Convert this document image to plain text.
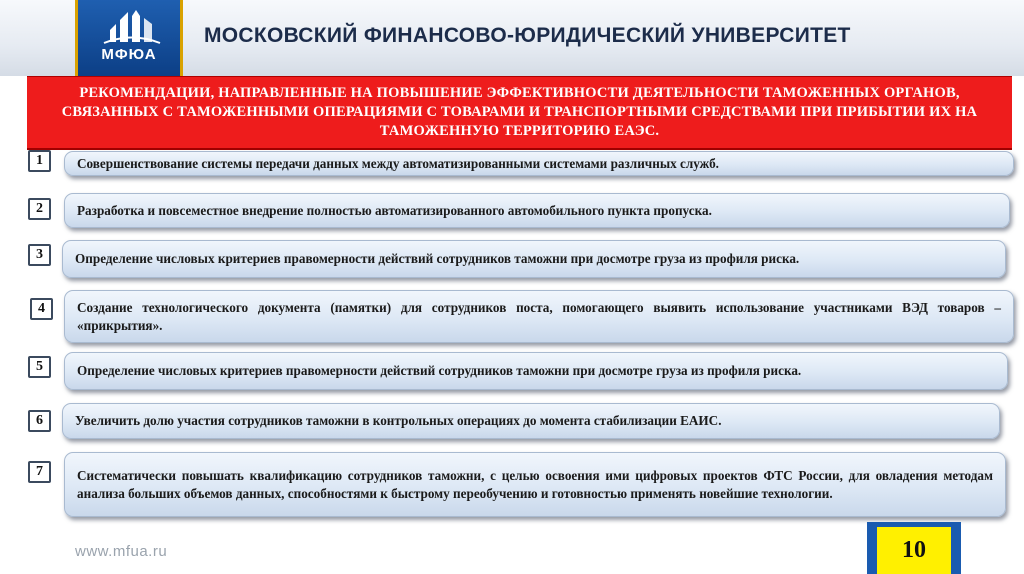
МФЮА
МОСКОВСКИЙ ФИНАНСОВО-ЮРИДИЧЕСКИЙ УНИВЕРСИТЕТ
РЕКОМЕНДАЦИИ, НАПРАВЛЕННЫЕ НА ПОВЫШЕНИЕ ЭФФЕКТИВНОСТИ ДЕЯТЕЛЬНОСТИ ТАМОЖЕННЫХ ОРГАНОВ, СВЯЗАННЫХ С ТАМОЖЕННЫМИ ОПЕРАЦИЯМИ С ТОВАРАМИ И ТРАНСПОРТНЫМИ СРЕДСТВАМИ ПРИ ПРИБЫТИИ ИХ НА ТАМОЖЕННУЮ ТЕРРИТОРИЮ ЕАЭС.
1	Совершенствование системы передачи данных между автоматизированными системами различных служб.
2	Разработка и повсеместное внедрение полностью автоматизированного автомобильного пункта пропуска.
3	Определение числовых критериев правомерности действий сотрудников таможни при досмотре груза из профиля риска.
4	Создание технологического документа (памятки) для сотрудников поста, помогающего выявить использование участниками ВЭД товаров – «прикрытия».
5	Определение числовых критериев правомерности действий сотрудников таможни при досмотре груза из профиля риска.
6	Увеличить долю участия сотрудников таможни в контрольных операциях до момента стабилизации ЕАИС.
7	Систематически повышать квалификацию сотрудников таможни, с целью освоения ими цифровых проектов ФТС России, для овладения методам анализа больших объемов данных, способностями к быстрому переобучению и готовностью применять новейшие технологии.
www.mfua.ru	10
